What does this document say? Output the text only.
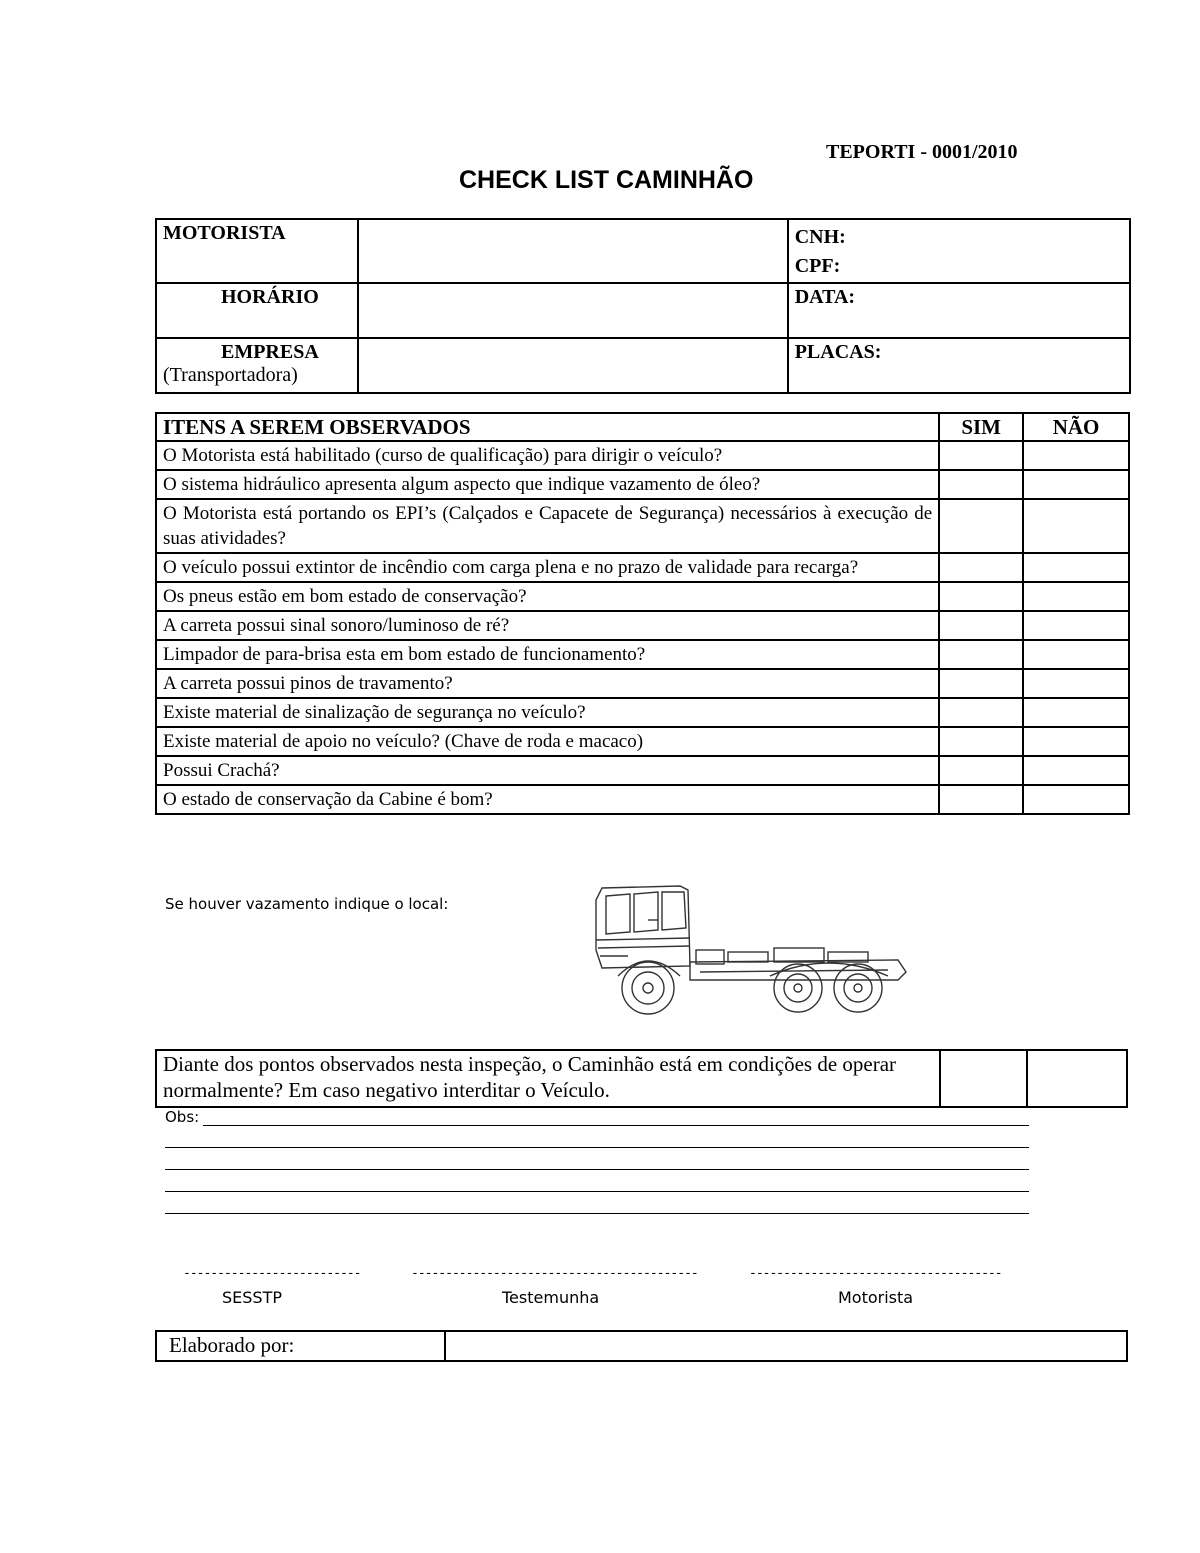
TEPORTI - 0001/2010
CHECK LIST CAMINHÃO
MOTORISTA		CNH:
CPF:

HORÁRIO		DATA:

EMPRESA
(Transportadora)		PLACAS:
ITENS A SEREM OBSERVADOS	SIM	NÃO
O Motorista está habilitado (curso de qualificação) para dirigir o veículo?		
O sistema hidráulico apresenta algum aspecto que indique vazamento de óleo?		
O Motorista está portando os EPI’s (Calçados e Capacete de Segurança) necessários à execução de suas atividades?		
O veículo possui extintor de incêndio com carga plena e no prazo de validade para recarga?		
Os pneus estão em bom estado de conservação?		
A carreta possui sinal sonoro/luminoso de ré?		
Limpador de para-brisa esta em bom estado de funcionamento?		
A carreta possui pinos de travamento?		
Existe material de sinalização de segurança no veículo?		
Existe material de apoio no veículo? (Chave de roda e macaco)		
Possui Crachá?		
O estado de conservação da Cabine é bom?		
Se houver vazamento indique o local:
Diante dos pontos observados nesta inspeção, o Caminhão está em condições de operar normalmente? Em caso negativo interditar o Veículo.		
Obs:
--------------------------	------------------------------------------	-------------------------------------
SESSTP	Testemunha	Motorista
Elaborado por:	
